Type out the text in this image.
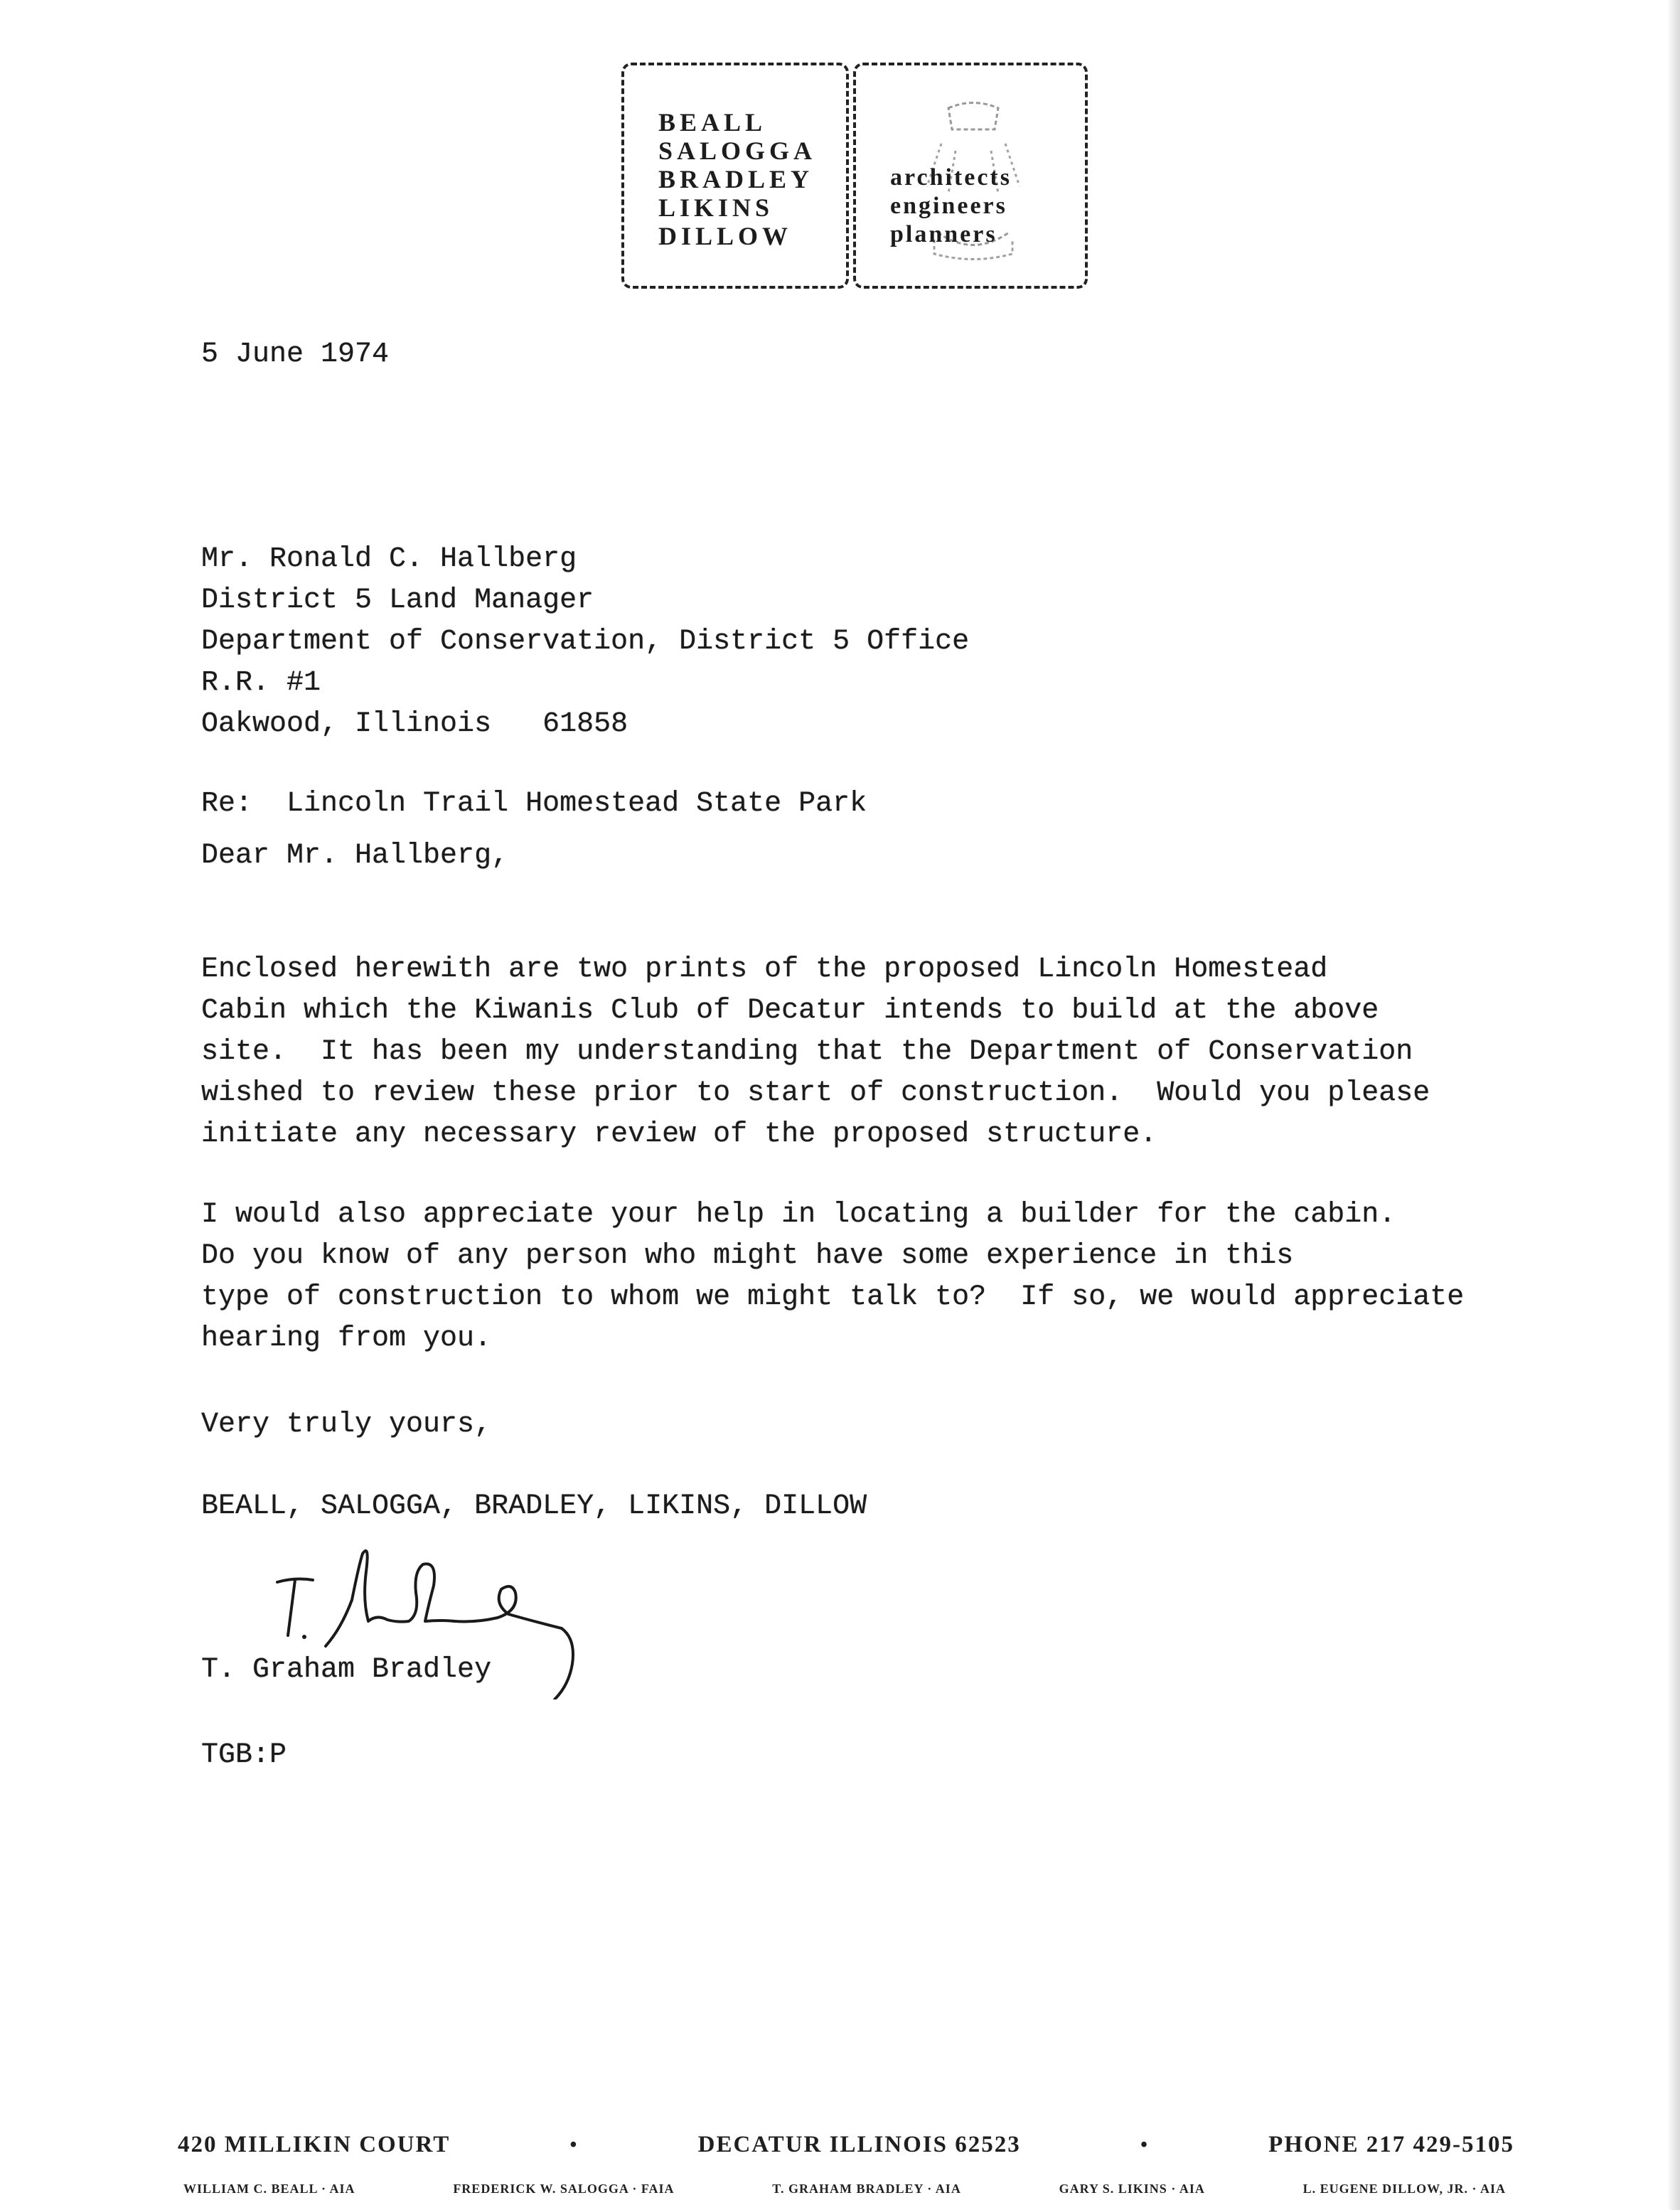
BEALL
SALOGGA
BRADLEY
LIKINS
DILLOW
architects
engineers
planners
5 June 1974
Mr. Ronald C. Hallberg
District 5 Land Manager
Department of Conservation, District 5 Office
R.R. #1
Oakwood, Illinois   61858
Re:  Lincoln Trail Homestead State Park
Dear Mr. Hallberg,
Enclosed herewith are two prints of the proposed Lincoln Homestead
Cabin which the Kiwanis Club of Decatur intends to build at the above
site.  It has been my understanding that the Department of Conservation
wished to review these prior to start of construction.  Would you please
initiate any necessary review of the proposed structure.
I would also appreciate your help in locating a builder for the cabin.
Do you know of any person who might have some experience in this
type of construction to whom we might talk to?  If so, we would appreciate
hearing from you.
Very truly yours,
BEALL, SALOGGA, BRADLEY, LIKINS, DILLOW
T. Graham Bradley
TGB:P
420 MILLIKIN COURT	•	DECATUR ILLINOIS 62523	•	PHONE 217 429-5105
WILLIAM C. BEALL · AIA	FREDERICK W. SALOGGA · FAIA	T. GRAHAM BRADLEY · AIA	GARY S. LIKINS · AIA	L. EUGENE DILLOW, JR. · AIA
